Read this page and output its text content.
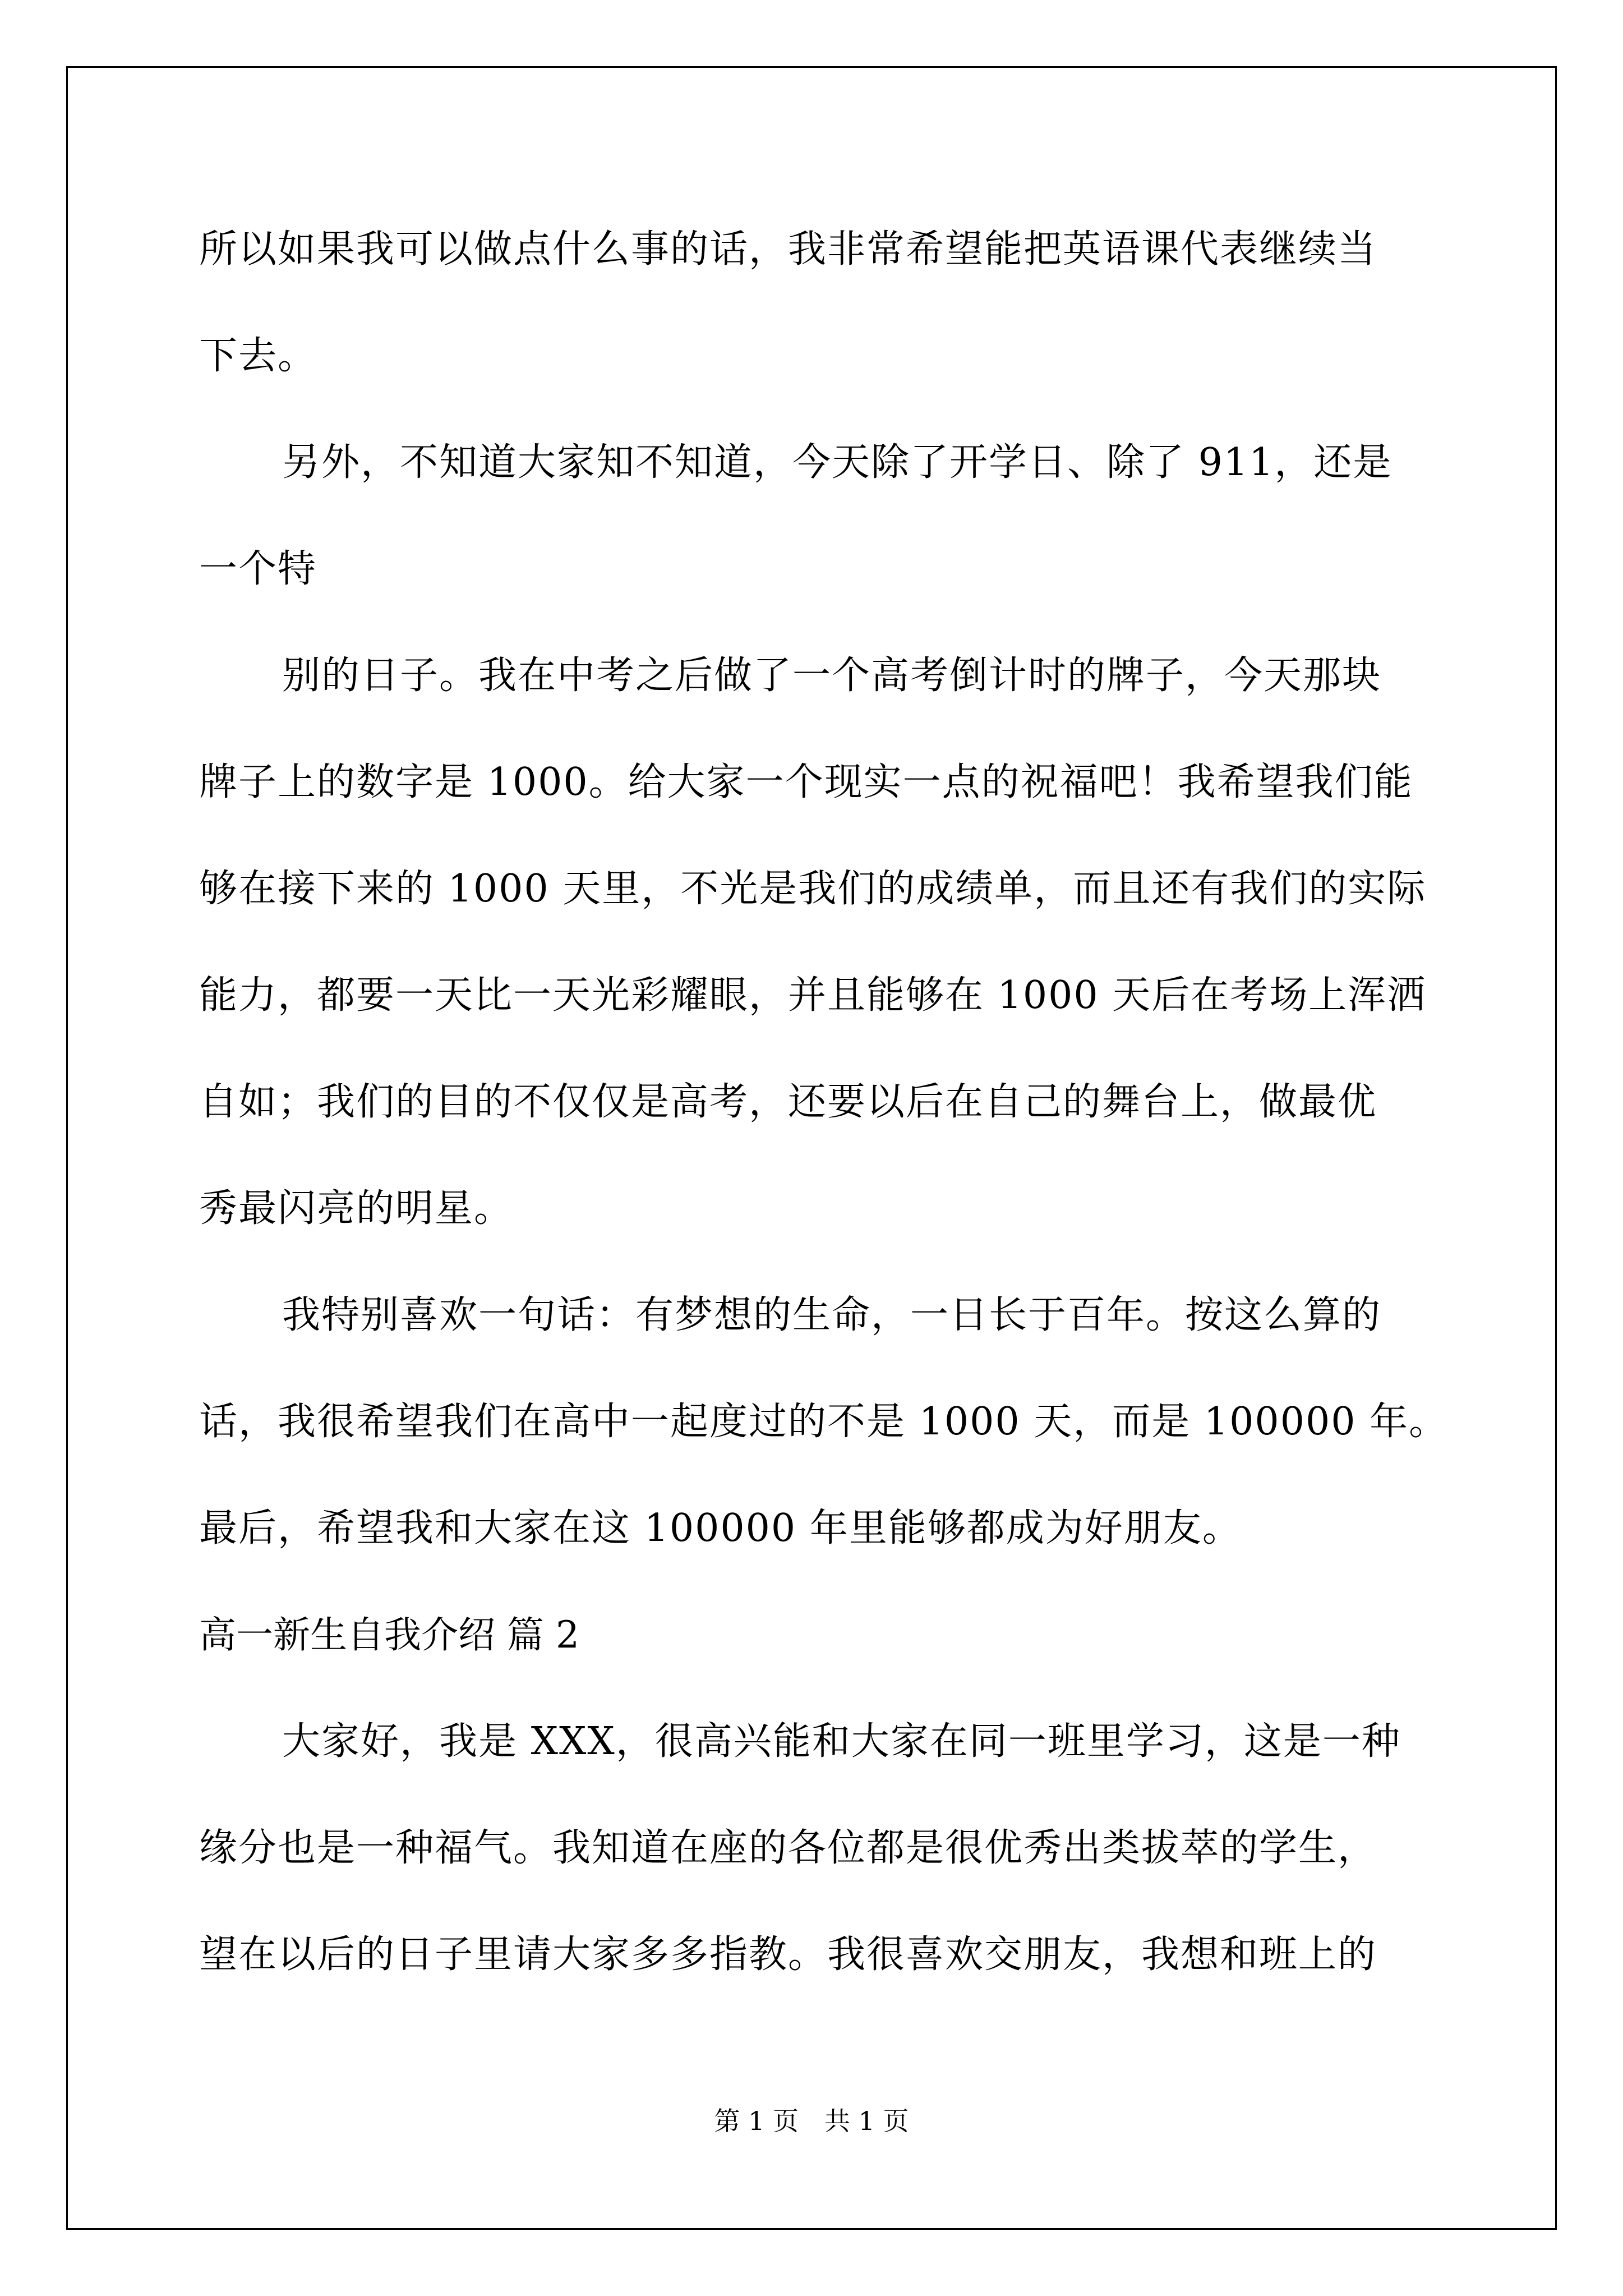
所以如果我可以做点什么事的话，我非常希望能把英语课代表继续当
下去。
另外，不知道大家知不知道，今天除了开学日、除了 911，还是
一个特
别的日子。我在中考之后做了一个高考倒计时的牌子，今天那块
牌子上的数字是 1000。给大家一个现实一点的祝福吧！我希望我们能
够在接下来的 1000 天里，不光是我们的成绩单，而且还有我们的实际
能力，都要一天比一天光彩耀眼，并且能够在 1000 天后在考场上浑洒
自如；我们的目的不仅仅是高考，还要以后在自己的舞台上，做最优
秀最闪亮的明星。
我特别喜欢一句话：有梦想的生命，一日长于百年。按这么算的
话，我很希望我们在高中一起度过的不是 1000 天，而是 100000 年。
最后，希望我和大家在这 100000 年里能够都成为好朋友。
高一新生自我介绍 篇 2
大家好，我是 XXX，很高兴能和大家在同一班里学习，这是一种
缘分也是一种福气。我知道在座的各位都是很优秀出类拔萃的学生，
望在以后的日子里请大家多多指教。我很喜欢交朋友，我想和班上的
第 1 页　共 1 页
